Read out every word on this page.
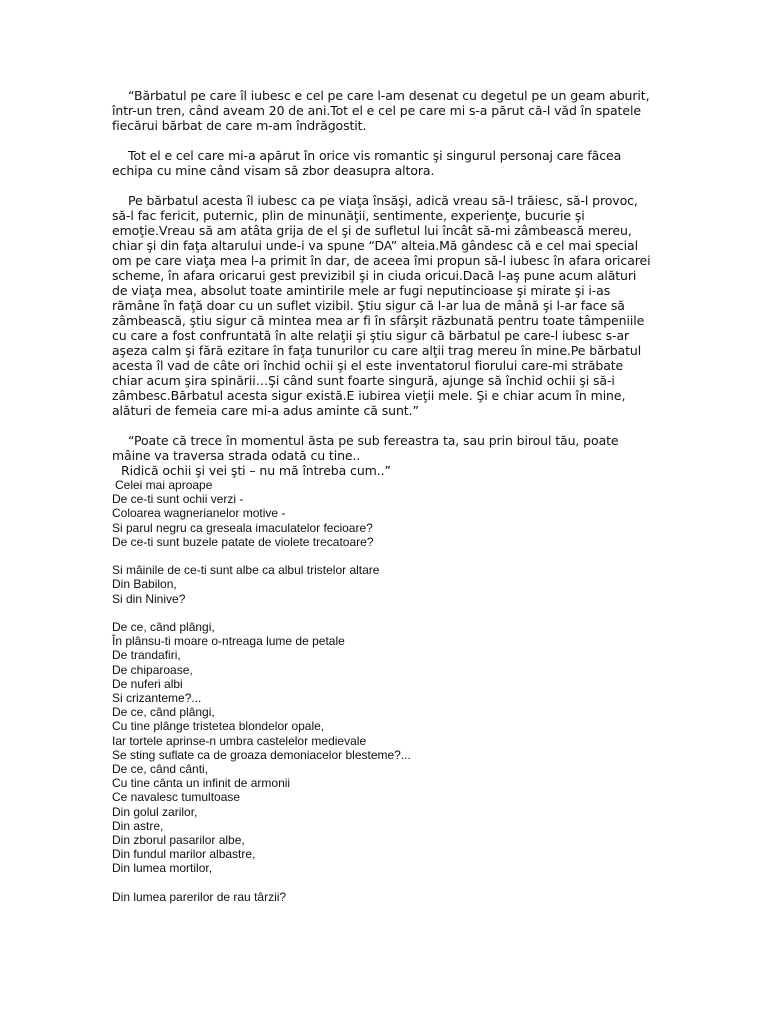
“Bărbatul pe care îl iubesc e cel pe care l-am desenat cu degetul pe un geam aburit, într-un tren, când aveam 20 de ani.Tot el e cel pe care mi s-a părut că-l văd în spatele fiecărui bărbat de care m-am îndrăgostit.

Tot el e cel care mi-a apărut în orice vis romantic şi singurul personaj care făcea echipa cu mine când visam să zbor deasupra altora.

Pe bărbatul acesta îl iubesc ca pe viaţa însăşi, adică vreau să-l trăiesc, să-l provoc, să-l fac fericit, puternic, plin de minunăţii, sentimente, experienţe, bucurie şi emoţie.Vreau să am atâta grija de el şi de sufletul lui încât să-mi zâmbească mereu, chiar şi din faţa altarului unde-i va spune “DA” alteia.Mă gândesc că e cel mai special om pe care viaţa mea l-a primit în dar, de aceea îmi propun să-l iubesc în afara oricarei scheme, în afara oricarui gest previzibil şi in ciuda oricui.Dacă l-aş pune acum alături de viaţa mea, absolut toate amintirile mele ar fugi neputincioase şi mirate şi i-as rămâne în faţă doar cu un suflet vizibil. Ştiu sigur că l-ar lua de mână şi l-ar face să zâmbească, ştiu sigur că mintea mea ar fi în sfârşit răzbunată pentru toate tâmpeniile cu care a fost confruntată în alte relaţii şi ştiu sigur că bărbatul pe care-l iubesc s-ar aşeza calm şi fără ezitare în faţa tunurilor cu care alţii trag mereu în mine.Pe bărbatul acesta îl vad de câte ori închid ochii şi el este inventatorul fiorului care-mi străbate chiar acum şira spinării…Şi când sunt foarte singură, ajunge să închid ochii şi să-i zâmbesc.Bărbatul acesta sigur există.E iubirea vieţii mele. Şi e chiar acum în mine, alături de femeia care mi-a adus aminte că sunt.”

“Poate că trece în momentul ăsta pe sub fereastra ta, sau prin biroul tău, poate mâine va traversa strada odată cu tine..

Ridică ochii şi vei şti – nu mă întreba cum..”

Celei mai aproape
De ce-ti sunt ochii verzi -
Coloarea wagnerianelor motive -
Si parul negru ca greseala imaculatelor fecioare?
De ce-ti sunt buzele patate de violete trecatoare?
Si mâinile de ce-ti sunt albe ca albul tristelor altare
Din Babilon,
Si din Ninive?
De ce, când plângi,
În plânsu-ti moare o-ntreaga lume de petale
De trandafiri,
De chiparoase,
De nuferi albi
Si crizanteme?...
De ce, când plângi,
Cu tine plânge tristetea blondelor opale,
Iar tortele aprinse-n umbra castelelor medievale
Se sting suflate ca de groaza demoniacelor blesteme?...
De ce, când cânti,
Cu tine cânta un infinit de armonii
Ce navalesc tumultoase
Din golul zarilor,
Din astre,
Din zborul pasarilor albe,
Din fundul marilor albastre,
Din lumea mortilor,
Din lumea parerilor de rau târzii?
